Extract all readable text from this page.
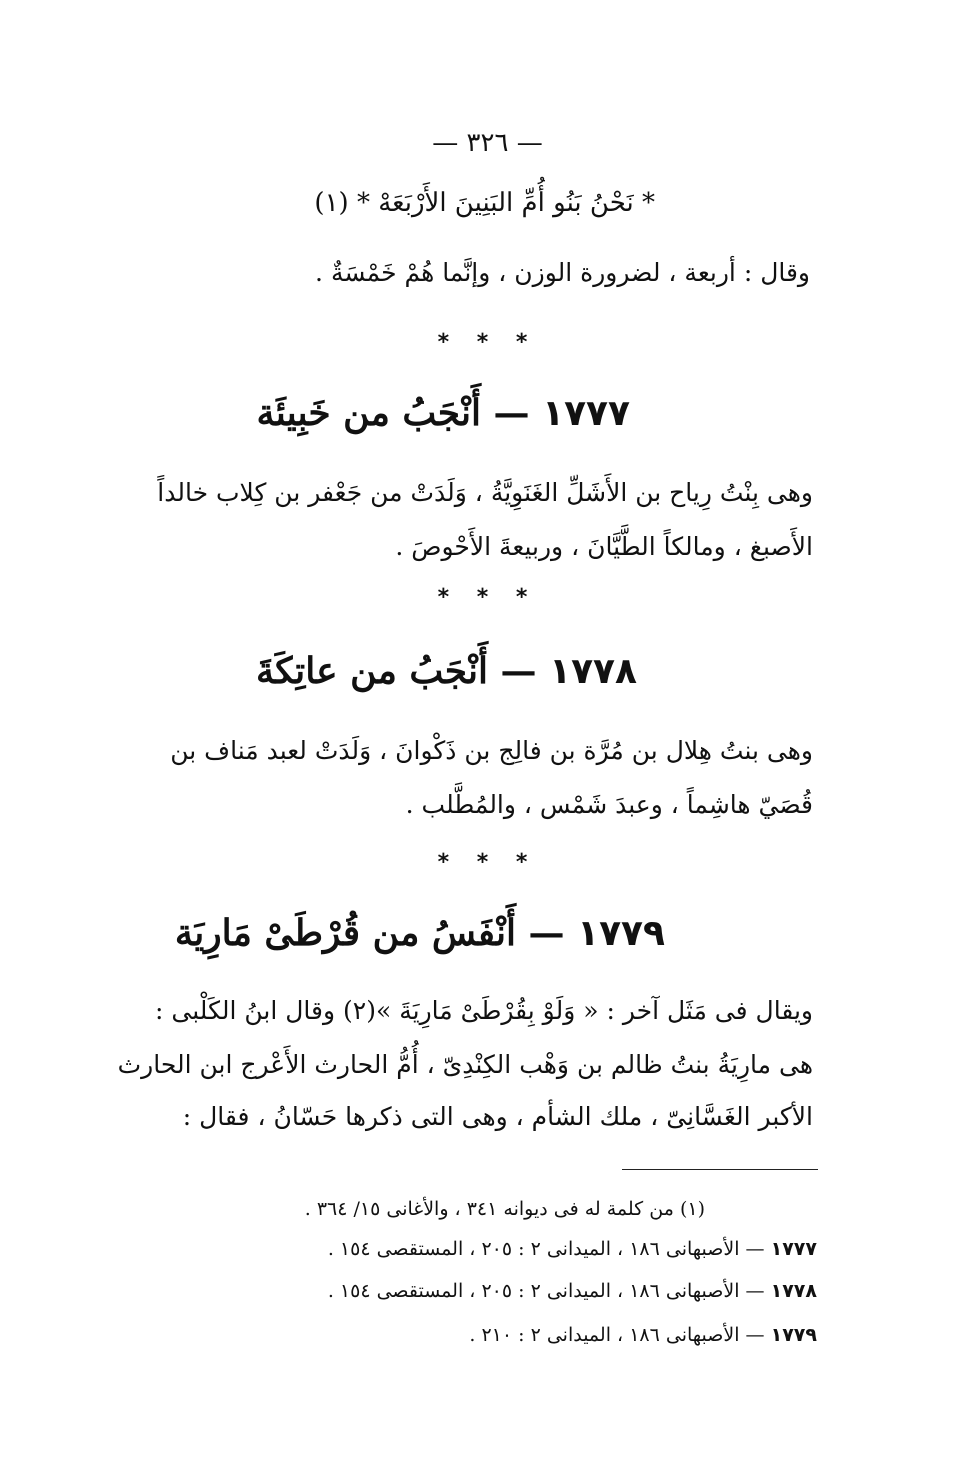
— ٣٢٦ —
* نَحْنُ بَنُو أُمِّ البَنِينَ الأَرْبَعَهْ * (١)
وقال : أربعة ، لضرورة الوزن ، وإنَّما هُمْ خَمْسَةٌ .
* * *
١٧٧٧ — أَنْجَبُ من خَبِيئَة
وهى بِنْتُ رِياح بن الأَشَلِّ الغَنَوِيَّةُ ، وَلَدَتْ من جَعْفر بن كِلاب خالداً
الأَصبغ ، ومالكاً الطَّيَّانَ ، وربيعةَ الأَحْوصَ .
* * *
١٧٧٨ — أَنْجَبُ من عاتِكَةَ
وهى بنتُ هِلال بن مُرَّة بن فالِج بن ذَكْوانَ ، وَلَدَتْ لعبد مَناف بن
قُصَيّ هاشِماً ، وعبدَ شَمْس ، والمُطَّلب .
* * *
١٧٧٩ — أَنْفَسُ من قُرْطَىْ مَارِيَة
ويقال فى مَثَل آخر : « وَلَوْ بِقُرْطَىْ مَارِيَةَ »(٢) وقال ابنُ الكَلْبى :
هى مارِيَةُ بنتُ ظالم بن وَهْب الكِنْدِىّ ، أُمُّ الحارث الأَعْرج ابن الحارث
الأكبر الغَسَّانِىّ ، ملك الشأم ، وهى التى ذكرها حَسّانُ ، فقال :
(١) من كلمة له فى ديوانه ٣٤١ ، والأغانى ١٥/ ٣٦٤ .
١٧٧٧ — الأصبهانى ١٨٦ ، الميدانى ٢ : ٢٠٥ ، المستقصى ١٥٤ .
١٧٧٨ — الأصبهانى ١٨٦ ، الميدانى ٢ : ٢٠٥ ، المستقصى ١٥٤ .
١٧٧٩ — الأصبهانى ١٨٦ ، الميدانى ٢ : ٢١٠ .
